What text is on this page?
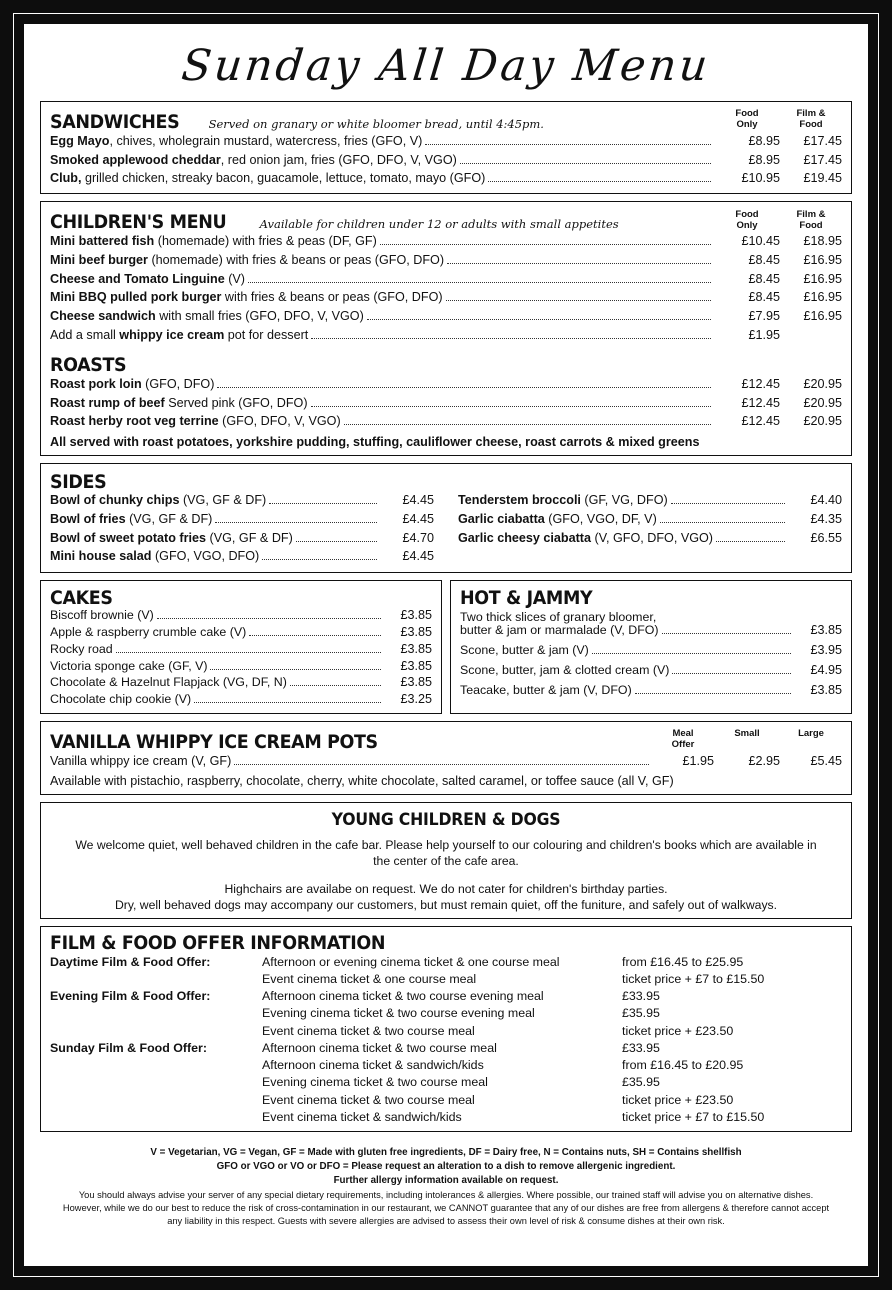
Sunday All Day Menu
SANDWICHES	Served on granary or white bloomer bread, until 4:45pm.
Food
Only
Film &
Food
Egg Mayo, chives, wholegrain mustard, watercress, fries (GFO, V)	£8.95	£17.45
Smoked applewood cheddar, red onion jam, fries (GFO, DFO, V, VGO)	£8.95	£17.45
Club, grilled chicken, streaky bacon, guacamole, lettuce, tomato, mayo (GFO)	£10.95	£19.45
CHILDREN'S MENU	Available for children under 12 or adults with small appetites
Food
Only
Film &
Food
Mini battered fish (homemade) with fries & peas (DF, GF)	£10.45	£18.95
Mini beef burger (homemade) with fries & beans or peas (GFO, DFO)	£8.45	£16.95
Cheese and Tomato Linguine (V)	£8.45	£16.95
Mini BBQ pulled pork burger with fries & beans or peas (GFO, DFO)	£8.45	£16.95
Cheese sandwich with small fries (GFO, DFO, V, VGO)	£7.95	£16.95
Add a small whippy ice cream pot for dessert	£1.95
ROASTS
Roast pork loin (GFO, DFO)	£12.45	£20.95
Roast rump of beef Served pink (GFO, DFO)	£12.45	£20.95
Roast herby root veg terrine (GFO, DFO, V, VGO)	£12.45	£20.95
All served with roast potatoes, yorkshire pudding, stuffing, cauliflower cheese, roast carrots & mixed greens
SIDES
Bowl of chunky chips (VG, GF & DF)	£4.45
Bowl of fries (VG, GF & DF)	£4.45
Bowl of sweet potato fries (VG, GF & DF)	£4.70
Mini house salad (GFO, VGO, DFO)	£4.45
Tenderstem broccoli (GF, VG, DFO)	£4.40
Garlic ciabatta (GFO, VGO, DF, V)	£4.35
Garlic cheesy ciabatta (V, GFO, DFO, VGO)	£6.55
CAKES
Biscoff brownie (V)	£3.85
Apple & raspberry crumble cake (V)	£3.85
Rocky road	£3.85
Victoria sponge cake (GF, V)	£3.85
Chocolate & Hazelnut Flapjack (VG, DF, N)	£3.85
Chocolate chip cookie (V)	£3.25
HOT & JAMMY
Two thick slices of granary bloomer,
butter & jam or marmalade (V, DFO)	£3.85
Scone, butter & jam (V)	£3.95
Scone, butter, jam & clotted cream (V)	£4.95
Teacake, butter & jam (V, DFO)	£3.85
VANILLA WHIPPY ICE CREAM POTS	Meal
Offer
Small	Large
Vanilla whippy ice cream (V, GF)	£1.95	£2.95	£5.45
Available with pistachio, raspberry, chocolate, cherry, white chocolate, salted caramel, or toffee sauce (all V, GF)
YOUNG CHILDREN & DOGS
We welcome quiet, well behaved children in the cafe bar. Please help yourself to our colouring and children's books which are available in the center of the cafe area.
Highchairs are availabe on request. We do not cater for children's birthday parties.
Dry, well behaved dogs may accompany our customers, but must remain quiet, off the funiture, and safely out of walkways.
FILM & FOOD OFFER INFORMATION
Daytime Film & Food Offer:	Afternoon or evening cinema ticket & one course meal	from £16.45 to £25.95
	Event cinema ticket & one course meal	ticket price + £7 to £15.50
Evening Film & Food Offer:	Afternoon cinema ticket & two course evening meal	£33.95
	Evening cinema ticket & two course evening meal	£35.95
	Event cinema ticket & two course meal	ticket price + £23.50
Sunday Film & Food Offer:	Afternoon cinema ticket & two course meal	£33.95
	Afternoon cinema ticket & sandwich/kids	from £16.45 to £20.95
	Evening cinema ticket & two course meal	£35.95
	Event cinema ticket & two course meal	ticket price + £23.50
	Event cinema ticket & sandwich/kids	ticket price + £7 to £15.50
V = Vegetarian, VG = Vegan, GF = Made with gluten free ingredients, DF = Dairy free, N = Contains nuts, SH = Contains shellfish
GFO or VGO or VO or DFO = Please request an alteration to a dish to remove allergenic ingredient.
Further allergy information available on request.
You should always advise your server of any special dietary requirements, including intolerances & allergies. Where possible, our trained staff will advise you on alternative dishes.
However, while we do our best to reduce the risk of cross-contamination in our restaurant, we CANNOT guarantee that any of our dishes are free from allergens & therefore cannot accept
any liability in this respect. Guests with severe allergies are advised to assess their own level of risk & consume dishes at their own risk.
